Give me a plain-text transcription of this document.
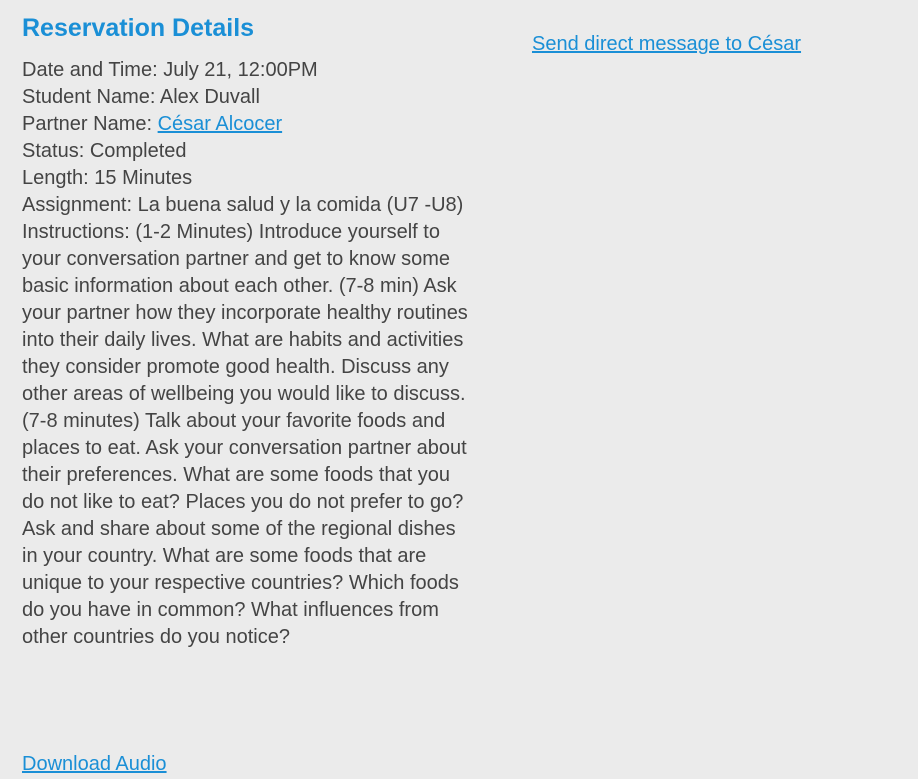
Reservation Details
Date and Time: July 21, 12:00PM
Student Name: Alex Duvall
Partner Name: César Alcocer
Status: Completed
Length: 15 Minutes
Assignment: La buena salud y la comida (U7 -U8)
Instructions: (1-2 Minutes) Introduce yourself to your conversation partner and get to know some basic information about each other. (7-8 min) Ask your partner how they incorporate healthy routines into their daily lives. What are habits and activities they consider promote good health. Discuss any other areas of wellbeing you would like to discuss. (7-8 minutes) Talk about your favorite foods and places to eat. Ask your conversation partner about their preferences. What are some foods that you do not like to eat? Places you do not prefer to go? Ask and share about some of the regional dishes in your country. What are some foods that are unique to your respective countries? Which foods do you have in common? What influences from other countries do you notice?
Download Audio
Send direct message to César
